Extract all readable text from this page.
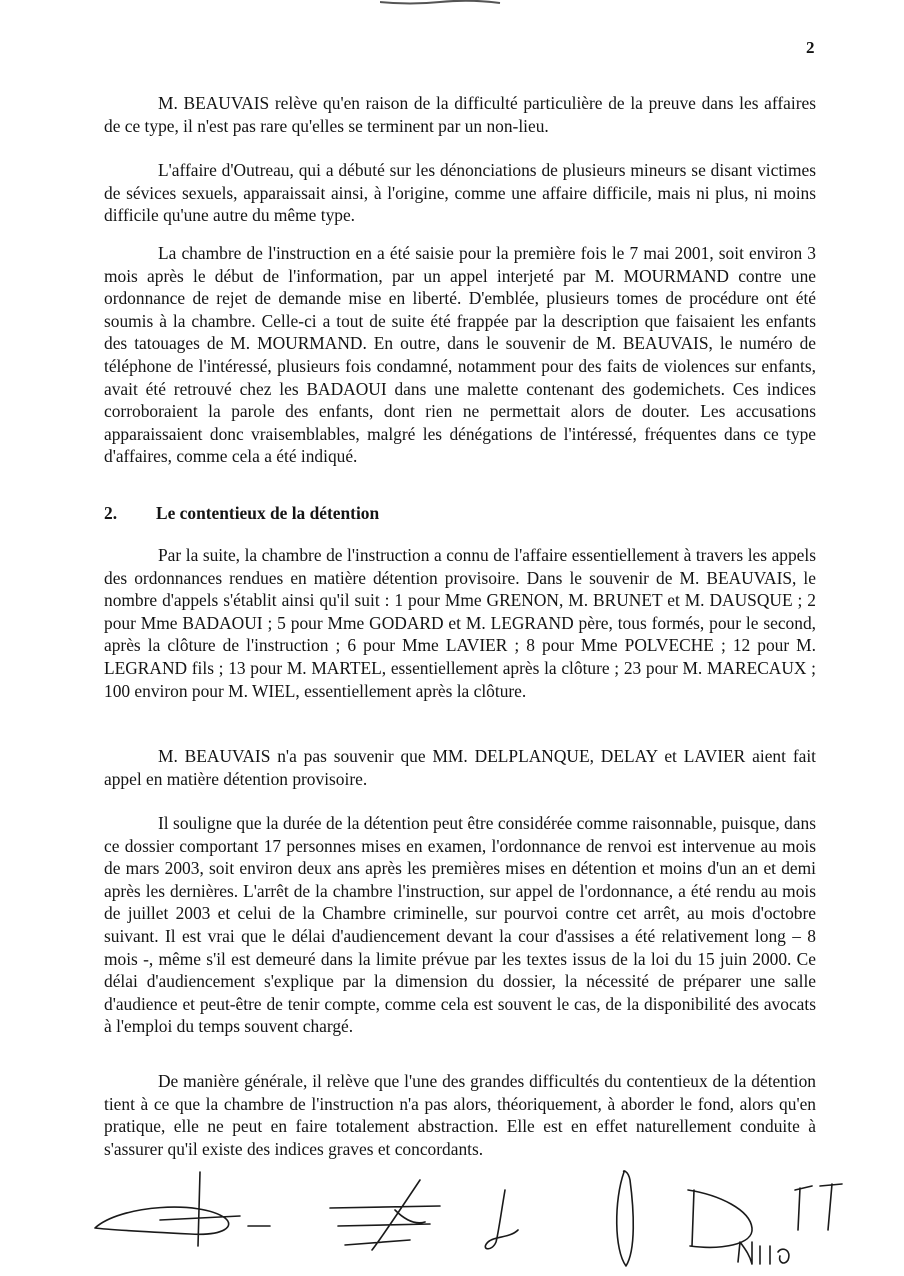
2

M. BEAUVAIS relève qu'en raison de la difficulté particulière de la preuve dans les affaires de ce type, il n'est pas rare qu'elles se terminent par un non-lieu.

L'affaire d'Outreau, qui a débuté sur les dénonciations de plusieurs mineurs se disant victimes de sévices sexuels, apparaissait ainsi, à l'origine, comme une affaire difficile, mais ni plus, ni moins difficile qu'une autre du même type.

La chambre de l'instruction en a été saisie pour la première fois le 7 mai 2001, soit environ 3 mois après le début de l'information, par un appel interjeté par M. MOURMAND contre une ordonnance de rejet de demande mise en liberté. D'emblée, plusieurs tomes de procédure ont été soumis à la chambre. Celle-ci a tout de suite été frappée par la description que faisaient les enfants des tatouages de M. MOURMAND. En outre, dans le souvenir de M. BEAUVAIS, le numéro de téléphone de l'intéressé, plusieurs fois condamné, notamment pour des faits de violences sur enfants, avait été retrouvé chez les BADAOUI dans une malette contenant des godemichets. Ces indices corroboraient la parole des enfants, dont rien ne permettait alors de douter. Les accusations apparaissaient donc vraisemblables, malgré les dénégations de l'intéressé, fréquentes dans ce type d'affaires, comme cela a été indiqué.

2.	Le contentieux de la détention

Par la suite, la chambre de l'instruction a connu de l'affaire essentiellement à travers les appels des ordonnances rendues en matière détention provisoire. Dans le souvenir de M. BEAUVAIS, le nombre d'appels s'établit ainsi qu'il suit : 1 pour Mme GRENON, M. BRUNET et M. DAUSQUE ; 2 pour Mme BADAOUI ; 5 pour Mme GODARD et M. LEGRAND père, tous formés, pour le second, après la clôture de l'instruction ; 6 pour Mme LAVIER ; 8 pour Mme POLVECHE ; 12 pour M. LEGRAND fils ; 13 pour M. MARTEL, essentiellement après la clôture ; 23 pour M. MARECAUX ; 100 environ pour M. WIEL, essentiellement après la clôture.

M. BEAUVAIS n'a pas souvenir que MM. DELPLANQUE, DELAY et LAVIER aient fait appel en matière détention provisoire.

Il souligne que la durée de la détention peut être considérée comme raisonnable, puisque, dans ce dossier comportant 17 personnes mises en examen, l'ordonnance de renvoi est intervenue au mois de mars 2003, soit environ deux ans après les premières mises en détention et moins d'un an et demi après les dernières. L'arrêt de la chambre l'instruction, sur appel de l'ordonnance, a été rendu au mois de juillet 2003 et celui de la Chambre criminelle, sur pourvoi contre cet arrêt, au mois d'octobre suivant. Il est vrai que le délai d'audiencement devant la cour d'assises a été relativement long – 8 mois -, même s'il est demeuré dans la limite prévue par les textes issus de la loi du 15 juin 2000. Ce délai d'audiencement s'explique par la dimension du dossier, la nécessité de préparer une salle d'audience et peut-être de tenir compte, comme cela est souvent le cas, de la disponibilité des avocats à l'emploi du temps souvent chargé.

De manière générale, il relève que l'une des grandes difficultés du contentieux de la détention tient à ce que la chambre de l'instruction n'a pas alors, théoriquement, à aborder le fond, alors qu'en pratique, elle ne peut en faire totalement abstraction. Elle est en effet naturellement conduite à s'assurer qu'il existe des indices graves et concordants.
